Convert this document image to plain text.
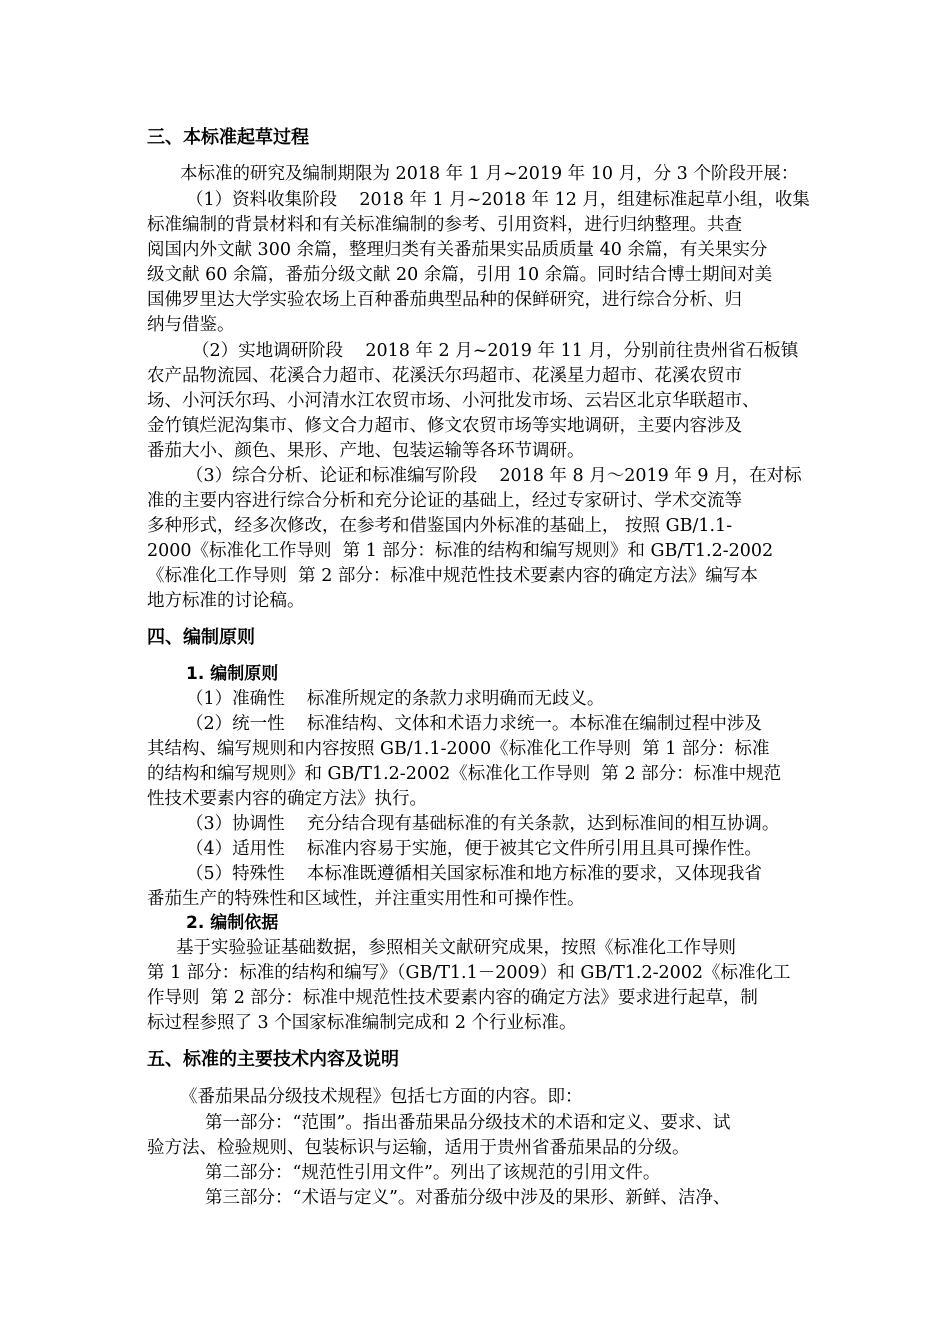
三、本标准起草过程
本标准的研究及编制期限为 2018 年 1 月~2019 年 10 月，分 3 个阶段开展：
（1）资料收集阶段    2018 年 1 月~2018 年 12 月，组建标准起草小组，收集
标准编制的背景材料和有关标准编制的参考、引用资料，进行归纳整理。共查
阅国内外文献 300 余篇，整理归类有关番茄果实品质质量 40 余篇，有关果实分
级文献 60 余篇，番茄分级文献 20 余篇，引用 10 余篇。同时结合博士期间对美
国佛罗里达大学实验农场上百种番茄典型品种的保鲜研究，进行综合分析、归
纳与借鉴。
（2）实地调研阶段    2018 年 2 月~2019 年 11 月，分别前往贵州省石板镇
农产品物流园、花溪合力超市、花溪沃尔玛超市、花溪星力超市、花溪农贸市
场、小河沃尔玛、小河清水江农贸市场、小河批发市场、云岩区北京华联超市、
金竹镇烂泥沟集市、修文合力超市、修文农贸市场等实地调研，主要内容涉及
番茄大小、颜色、果形、产地、包装运输等各环节调研。
（3）综合分析、论证和标准编写阶段    2018 年 8 月～2019 年 9 月，在对标
准的主要内容进行综合分析和充分论证的基础上，经过专家研讨、学术交流等
多种形式，经多次修改，在参考和借鉴国内外标准的基础上， 按照 GB/1.1-
2000《标准化工作导则  第 1 部分：标准的结构和编写规则》和 GB/T1.2-2002
《标准化工作导则  第 2 部分：标准中规范性技术要素内容的确定方法》编写本
地方标准的讨论稿。
四、编制原则
1. 编制原则
（1）准确性    标准所规定的条款力求明确而无歧义。
（2）统一性    标准结构、文体和术语力求统一。本标准在编制过程中涉及
其结构、编写规则和内容按照 GB/1.1-2000《标准化工作导则  第 1 部分：标准
的结构和编写规则》和 GB/T1.2-2002《标准化工作导则  第 2 部分：标准中规范
性技术要素内容的确定方法》执行。
（3）协调性    充分结合现有基础标准的有关条款，达到标准间的相互协调。
（4）适用性    标准内容易于实施，便于被其它文件所引用且具可操作性。
（5）特殊性    本标准既遵循相关国家标准和地方标准的要求，又体现我省
番茄生产的特殊性和区域性，并注重实用性和可操作性。
2. 编制依据
基于实验验证基础数据，参照相关文献研究成果，按照《标准化工作导则
第 1 部分：标准的结构和编写》（GB/T1.1－2009）和 GB/T1.2-2002《标准化工
作导则  第 2 部分：标准中规范性技术要素内容的确定方法》要求进行起草，制
标过程参照了 3 个国家标准编制完成和 2 个行业标准。
五、标准的主要技术内容及说明
《番茄果品分级技术规程》包括七方面的内容。即：
第一部分：“范围”。指出番茄果品分级技术的术语和定义、要求、试
验方法、检验规则、包装标识与运输，适用于贵州省番茄果品的分级。
第二部分：“规范性引用文件”。列出了该规范的引用文件。
第三部分：“术语与定义”。对番茄分级中涉及的果形、新鲜、洁净、
